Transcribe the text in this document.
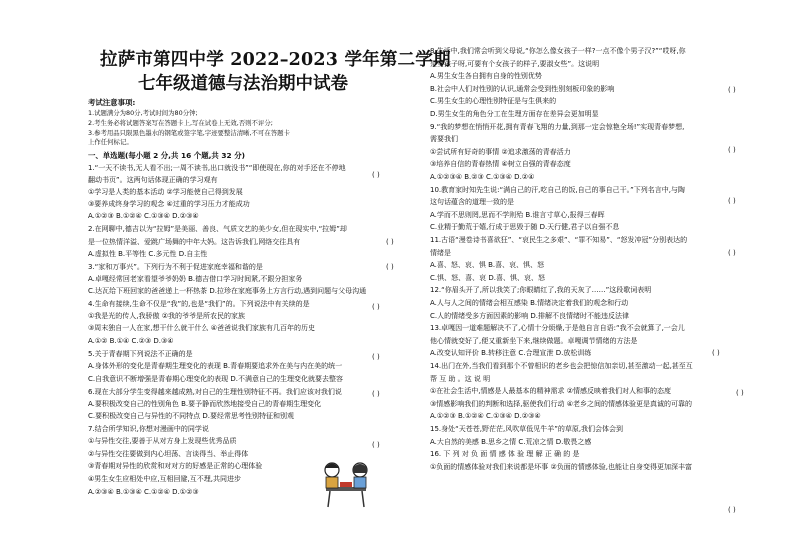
拉萨市第四中学 2022–2023 学年第二学期
七年级道德与法治期中试卷
考试注意事项:
1.试题满分为80分,考试时间为80分钟;
2.考生务必将试题答案写在答题卡上,写在试卷上无效,否则不评分;
3.参考用品只限黑色墨水的钢笔或签字笔,字迹要整洁清晰,不可在答题卡
上作任何标记。
一、单选题(每小题 2 分,共 16 个题,共 32 分)
1.“一天不读书,无人看不出;一周不读书,出口就没书”“即使现在,你的对手还在不停地
翻动书页”。这两句话体现正确的学习观有
①学习是人类的基本活动 ②学习能使自己得到发展
③要养成终身学习的观念 ④过重的学习压力才能成功
A.①②③ B.①②④ C.①③④ D.②③④
2.在网聊中,德吉以为“拉姆”是美丽、善良、气质文艺的美少女,但在现实中,“拉姆”却
是一位热情洋溢、爱跳广场舞的中年大妈。这告诉我们,网络交往具有
A.虚拟性 B.平等性 C.多元性 D.自主性
3.“家和万事兴”。下列行为不利于促进家庭幸福和谐的是
A.卓嘎经常回老家看望爷爷奶奶 B.德吉借口学习时间紧,不跟分担家务
C.达瓦给下班回家的爸爸递上一杯热茶 D.拉珍在家庭事务上方言行动,遇到问题与父母沟通
4.生命有接续,生命不仅是“我”的,也是“我们”的。下列说法中有关续的是
①我是光的传人,我骄傲 ②我的爷爷是所农民的家族
③周末独自一人在家,想干什么就干什么 ④爸爸说我们家族有几百年的历史
A.①② B.①④ C.②③ D.③④
5.关于青春期下列说法不正确的是
A.身体外形的变化是青春期生理变化的表现 B.青春期要追求外在美与内在美的统一
C.自我意识不断增强是青春期心理变化的表现 D.不满意自己的生理变化就要去整容
6.现在大部分学生变得越来越成熟,对自己的生理性别特征不再。我们应该对我们说
A.要积极改变自己的性别角色 B.要予静而欣然地接受自己的青春期生理变化
C.要积极改变自己与异性的不同特点 D.要经常思考性别特征和别观
7.结合所学知识,你想对漫画中的同学说
①与异性交往,要善于从对方身上发现些优秀品质
②与异性交往要做到内心坦荡、言谈得当、举止得体
③青春期对异性的欣赏和对对方的好感是正常的心理体验
④男生女生应相处中应,互相回避,互不理,共同进步
A.②③④ B.①③④ C.①②④ D.①②③
8.生活中,我们常会听到父母说,“你怎么像女孩子一样?一点不像个男子汉?”“哎呀,你
是女孩子呀,可要有个女孩子的样子,要淑女些”。这说明
A.男生女生各自拥有自身的性别优势
B.社会中人们对性别的认识,通常会受到性别刻板印象的影响
C.男生女生的心理性别特征是与生俱来的
D.男生女生的角色分工在生理方面存在差异会更加明显
9.“我的梦想在悄悄开花,拥有青春飞翔的力量,到那一定会惊艳全场!”实现青春梦想,
需要我们
①尝试所有好奇的事情 ②追求激荡的青春活力
③培养自信的青春热情 ④树立自强的青春态度
A.①②③④ B.②③ C.①③④ D.②④
10.教育家时知先生说:“满自己的汗,吃自己的饭,自己的事自己干。”下列名言中,与陶
这句话蕴含的道理一致的是
A.学而不思则罔,思而不学则殆 B.谁言寸草心,报得三春晖
C.业精于勤荒于嬉,行成于思毁于随 D.天行健,君子以自强不息
11.古语“漫卷诗书喜欲狂”、“哀民生之多艰”、“罪不知易”、“怒发冲冠”分别表达的
情绪是
A.喜、怒、哀、惧 B.喜、哀、惧、怒
C.惧、怒、喜、哀 D.喜、惧、哀、怒
12.“你眉头开了,所以我笑了;你眼睛红了,我的天灰了……”这段歌词表明
A.人与人之间的情绪会相互感染 B.情绪决定着我们的观念和行动
C.人的情绪受多方面因素的影响 D.排解不良情绪时不能违反法律
13.卓嘎因一道难题解决不了,心情十分烦燥,于是他自言自语:“我不会就算了,一会儿
他心情就变好了,便又重新坐下来,继续做题。卓嘎调节情绪的方法是
A.改变认知评价 B.转移注意 C.合理宣泄 D.放松训练
14.出门在外,当我们看到那个不曾相识的老乡也会把惊信加亲切,甚至激动一起,甚至互
帮 互 助 。这 说 明
①在社会生活中,情感是人最基本的精神需求 ②情感反映着我们对人和事的态度
③情感影响我们的判断和选择,驱使我们行动 ④老乡之间的情感体验更是真诚的可靠的
A.①②③ B.①②④ C.①③④ D.②③④
15.身处“天苍苍,野茫茫,风吹草低见牛羊”的草原,我们会体会到
A.大自然的美感 B.思乡之情 C.荒凉之情 D.敬畏之感
16. 下 列 对 负 面 情 感 体 验 理 解 正 确 的 是
①负面的情感体验对我们来说都是坏事 ②负面的情感体验,也能让自身变得更加深丰富
( )
( )
( )
( )
( )
( )
( )
( )
( )
( )
( )
( )
( )
( )
